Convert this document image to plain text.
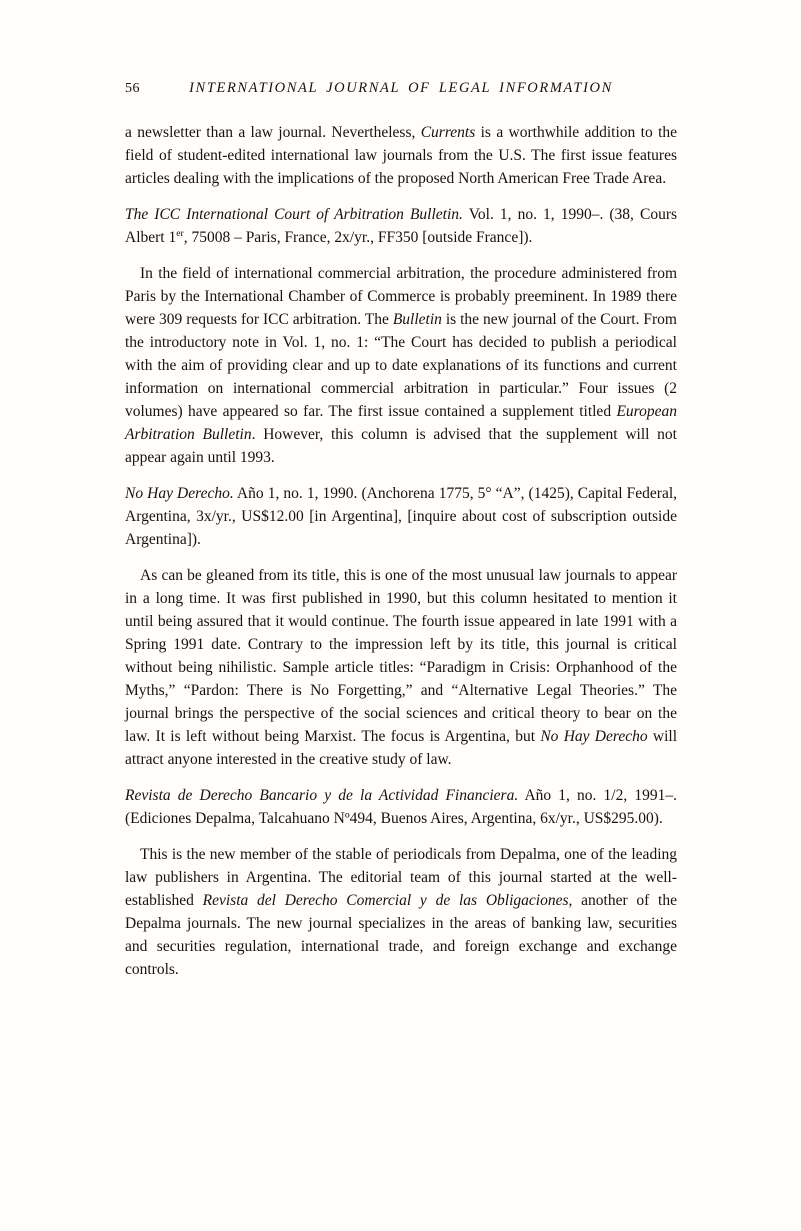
56	INTERNATIONAL JOURNAL OF LEGAL INFORMATION

a newsletter than a law journal. Nevertheless, Currents is a worthwhile addition to the field of student-edited international law journals from the U.S. The first issue features articles dealing with the implications of the proposed North American Free Trade Area.

The ICC International Court of Arbitration Bulletin. Vol. 1, no. 1, 1990–. (38, Cours Albert 1er, 75008 – Paris, France, 2x/yr., FF350 [outside France]).

In the field of international commercial arbitration, the procedure administered from Paris by the International Chamber of Commerce is probably preeminent. In 1989 there were 309 requests for ICC arbitration. The Bulletin is the new journal of the Court. From the introductory note in Vol. 1, no. 1: “The Court has decided to publish a periodical with the aim of providing clear and up to date explanations of its functions and current information on international commercial arbitration in particular.” Four issues (2 volumes) have appeared so far. The first issue contained a supplement titled European Arbitration Bulletin. However, this column is advised that the supplement will not appear again until 1993.

No Hay Derecho. Año 1, no. 1, 1990. (Anchorena 1775, 5° “A”, (1425), Capital Federal, Argentina, 3x/yr., US$12.00 [in Argentina], [inquire about cost of subscription outside Argentina]).

As can be gleaned from its title, this is one of the most unusual law journals to appear in a long time. It was first published in 1990, but this column hesitated to mention it until being assured that it would continue. The fourth issue appeared in late 1991 with a Spring 1991 date. Contrary to the impression left by its title, this journal is critical without being nihilistic. Sample article titles: “Paradigm in Crisis: Orphanhood of the Myths,” “Pardon: There is No Forgetting,” and “Alternative Legal Theories.” The journal brings the perspective of the social sciences and critical theory to bear on the law. It is left without being Marxist. The focus is Argentina, but No Hay Derecho will attract anyone interested in the creative study of law.

Revista de Derecho Bancario y de la Actividad Financiera. Año 1, no. 1/2, 1991–. (Ediciones Depalma, Talcahuano Nº494, Buenos Aires, Argentina, 6x/yr., US$295.00).

This is the new member of the stable of periodicals from Depalma, one of the leading law publishers in Argentina. The editorial team of this journal started at the well-established Revista del Derecho Comercial y de las Obligaciones, another of the Depalma journals. The new journal specializes in the areas of banking law, securities and securities regulation, international trade, and foreign exchange and exchange controls.
